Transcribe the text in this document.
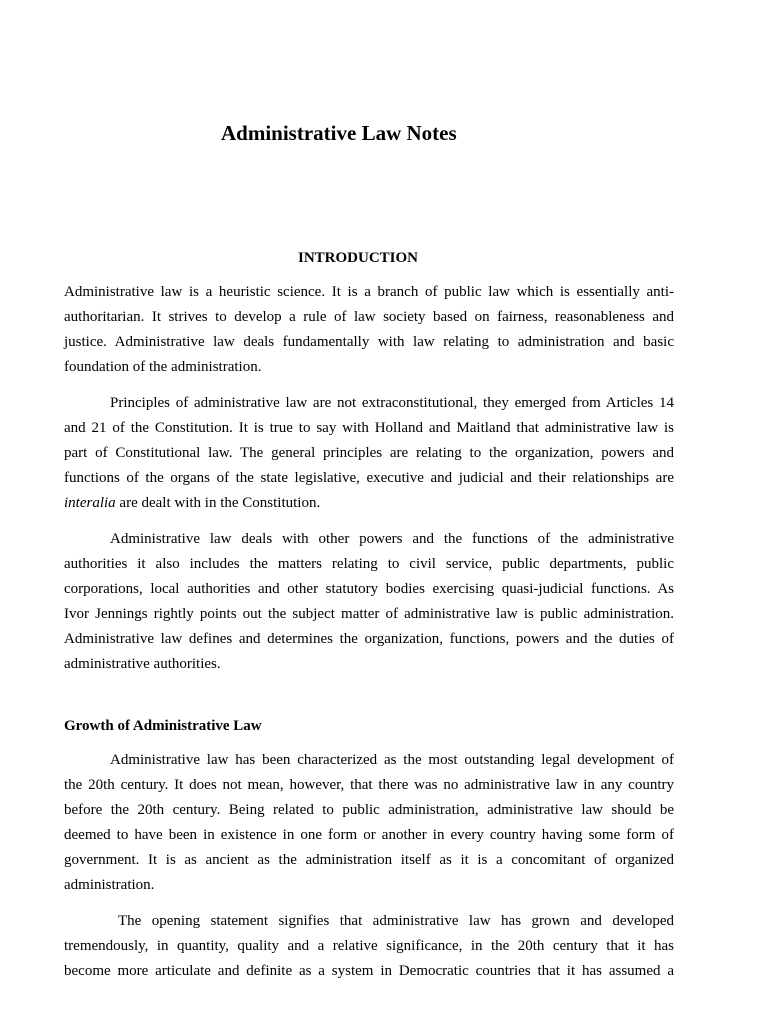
Administrative Law Notes
INTRODUCTION
Administrative law is a heuristic science. It is a branch of public law which is essentially anti-
authoritarian. It strives to develop a rule of law society based on fairness, reasonableness and
justice. Administrative law deals fundamentally with law relating to administration and basic
foundation of the administration.
Principles of administrative law are not extraconstitutional, they emerged from Articles 14
and 21 of the Constitution. It is true to say with Holland and Maitland that administrative law is
part of Constitutional law. The general principles are relating to the organization, powers and
functions of the organs of the state legislative, executive and judicial and their relationships are
interalia are dealt with in the Constitution.
Administrative law deals with other powers and the functions of the administrative
authorities it also includes the matters relating to civil service, public departments, public
corporations, local authorities and other statutory bodies exercising quasi-judicial functions. As
Ivor Jennings rightly points out the subject matter of administrative law is public administration.
Administrative law defines and determines the organization, functions, powers and the duties of
administrative authorities.
Growth of Administrative Law
Administrative law has been characterized as the most outstanding legal development of
the 20th century. It does not mean, however, that there was no administrative law in any country
before the 20th century. Being related to public administration, administrative law should be
deemed to have been in existence in one form or another in every country having some form of
government. It is as ancient as the administration itself as it is a concomitant of organized
administration.
The opening statement signifies that administrative law has grown and developed
tremendously, in quantity, quality and a relative significance, in the 20th century that it has
become more articulate and definite as a system in Democratic countries that it has assumed a
